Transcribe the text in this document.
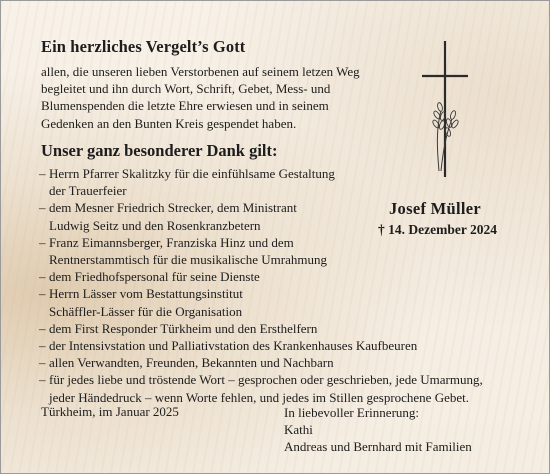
Ein herzliches Vergelt’s Gott
allen, die unseren lieben Verstorbenen auf seinem letzen Weg
begleitet und ihn durch Wort, Schrift, Gebet, Mess- und
Blumenspenden die letzte Ehre erwiesen und in seinem
Gedenken an den Bunten Kreis gespendet haben.
Unser ganz besonderer Dank gilt:
– Herrn Pfarrer Skalitzky für die einfühlsame Gestaltung
der Trauerfeier
– dem Mesner Friedrich Strecker, dem Ministrant
Ludwig Seitz und den Rosenkranzbetern
– Franz Eimannsberger, Franziska Hinz und dem
Rentnerstammtisch für die musikalische Umrahmung
– dem Friedhofspersonal für seine Dienste
– Herrn Lässer vom Bestattungsinstitut
Schäffler-Lässer für die Organisation
– dem First Responder Türkheim und den Ersthelfern
– der Intensivstation und Palliativstation des Krankenhauses Kaufbeuren
– allen Verwandten, Freunden, Bekannten und Nachbarn
– für jedes liebe und tröstende Wort – gesprochen oder geschrieben, jede Umarmung,
jeder Händedruck – wenn Worte fehlen, und jedes im Stillen gesprochene Gebet.
Josef Müller
† 14. Dezember 2024
Türkheim, im Januar 2025	In liebevoller Erinnerung:
Kathi
Andreas und Bernhard mit Familien
